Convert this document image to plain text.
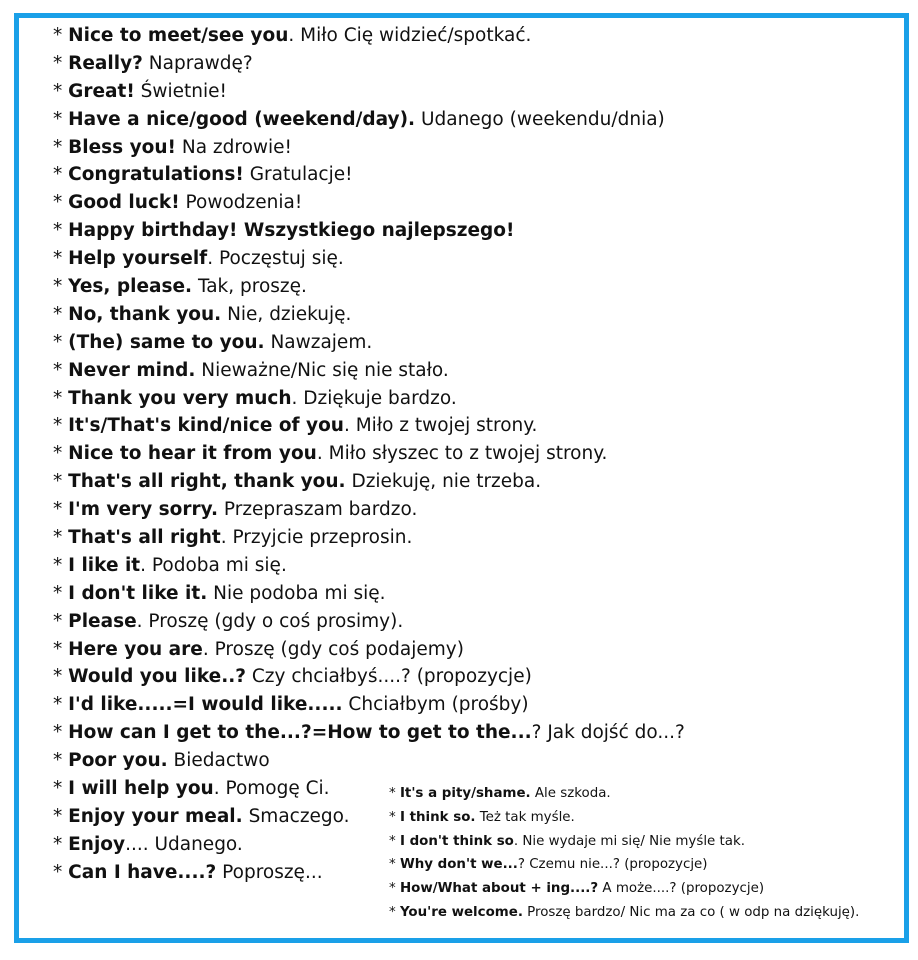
* Nice to meet/see you. Miło Cię widzieć/spotkać.
* Really? Naprawdę?
* Great! Świetnie!
* Have a nice/good (weekend/day). Udanego (weekendu/dnia)
* Bless you! Na zdrowie!
* Congratulations! Gratulacje!
* Good luck! Powodzenia!
* Happy birthday! Wszystkiego najlepszego!
* Help yourself. Poczęstuj się.
* Yes, please. Tak, proszę.
* No, thank you. Nie, dziekuję.
* (The) same to you. Nawzajem.
* Never mind. Nieważne/Nic się nie stało.
* Thank you very much. Dziękuje bardzo.
* It's/That's kind/nice of you. Miło z twojej strony.
* Nice to hear it from you. Miło słyszec to z twojej strony.
* That's all right, thank you. Dziekuję, nie trzeba.
* I'm very sorry. Przepraszam bardzo.
* That's all right. Przyjcie przeprosin.
* I like it. Podoba mi się.
* I don't like it. Nie podoba mi się.
* Please. Proszę (gdy o coś prosimy).
* Here you are. Proszę (gdy coś podajemy)
* Would you like..? Czy chciałbyś....? (propozycje)
* I'd like.....=I would like..... Chciałbym (prośby)
* How can I get to the...?=How to get to the...? Jak dojść do...?
* Poor you. Biedactwo
* I will help you. Pomogę Ci.
* Enjoy your meal. Smaczego.
* Enjoy.... Udanego.
* Can I have....? Poproszę...
* It's a pity/shame. Ale szkoda.
* I think so. Też tak myśle.
* I don't think so. Nie wydaje mi się/ Nie myśle tak.
* Why don't we...? Czemu nie...? (propozycje)
* How/What about + ing....? A może....? (propozycje)
* You're welcome. Proszę bardzo/ Nic ma za co ( w odp na dziękuję).
